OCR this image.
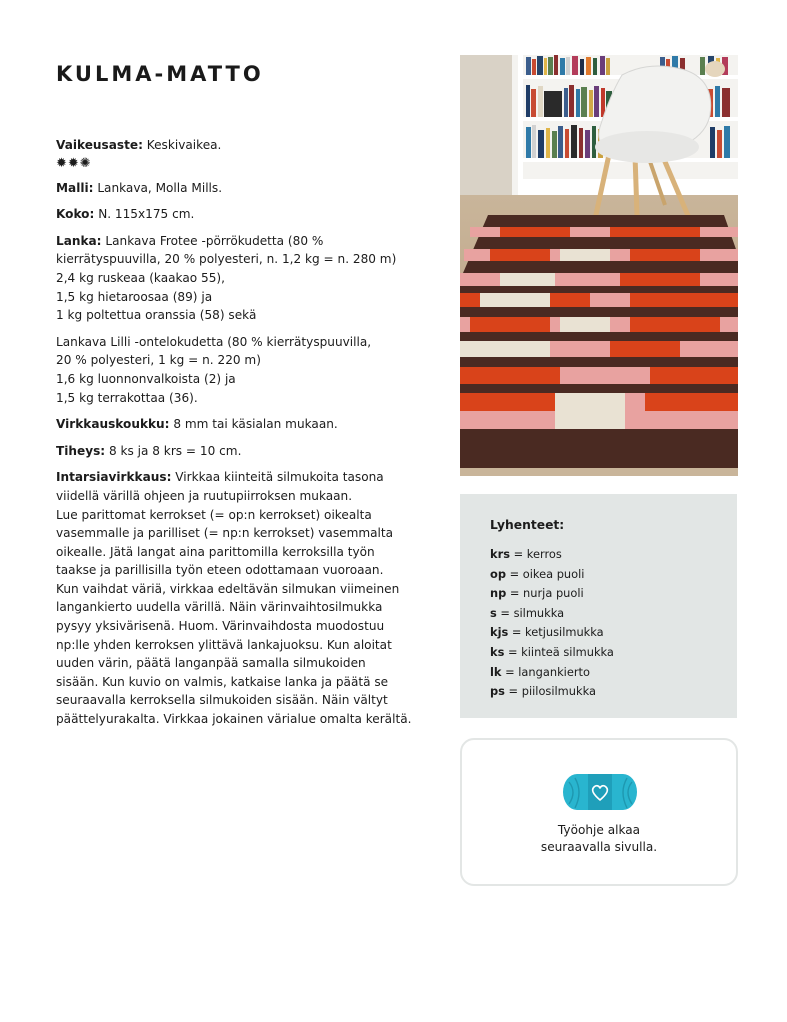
KULMA-MATTO

Vaikeusaste: Keskivaikea.
✹✹✺

Malli: Lankava, Molla Mills.

Koko: N. 115x175 cm.

Lanka: Lankava Frotee -pörrökudetta (80 %
kierrätyspuuvilla, 20 % polyesteri, n. 1,2 kg = n. 280 m)
2,4 kg ruskeaa (kaakao 55),
1,5 kg hietaroosaa (89) ja
1 kg poltettua oranssia (58) sekä

Lankava Lilli -ontelokudetta (80 % kierrätyspuuvilla,
20 % polyesteri, 1 kg = n. 220 m)
1,6 kg luonnonvalkoista (2) ja
1,5 kg terrakottaa (36).

Virkkauskoukku: 8 mm tai käsialan mukaan.

Tiheys: 8 ks ja 8 krs = 10 cm.

Intarsiavirkkaus: Virkkaa kiinteitä silmukoita tasona
viidellä värillä ohjeen ja ruutupiirroksen mukaan.
Lue parittomat kerrokset (= op:n kerrokset) oikealta
vasemmalle ja parilliset (= np:n kerrokset) vasemmalta
oikealle. Jätä langat aina parittomilla kerroksilla työn
taakse ja parillisilla työn eteen odottamaan vuoroaan.
Kun vaihdat väriä, virkkaa edeltävän silmukan viimeinen
langankierto uudella värillä. Näin värinvaihtosilmukka
pysyy yksivärisenä. Huom. Värinvaihdosta muodostuu
np:lle yhden kerroksen ylittävä lankajuoksu. Kun aloitat
uuden värin, päätä langanpää samalla silmukoiden
sisään. Kun kuvio on valmis, katkaise lanka ja päätä se
seuraavalla kerroksella silmukoiden sisään. Näin vältyt
päättelyurakalta. Virkkaa jokainen värialue omalta kerältä.

Lyhenteet:
krs = kerros
op = oikea puoli
np = nurja puoli
s = silmukka
kjs = ketjusilmukka
ks = kiinteä silmukka
lk = langankierto
ps = piilosilmukka
Työohje alkaa
seuraavalla sivulla.
